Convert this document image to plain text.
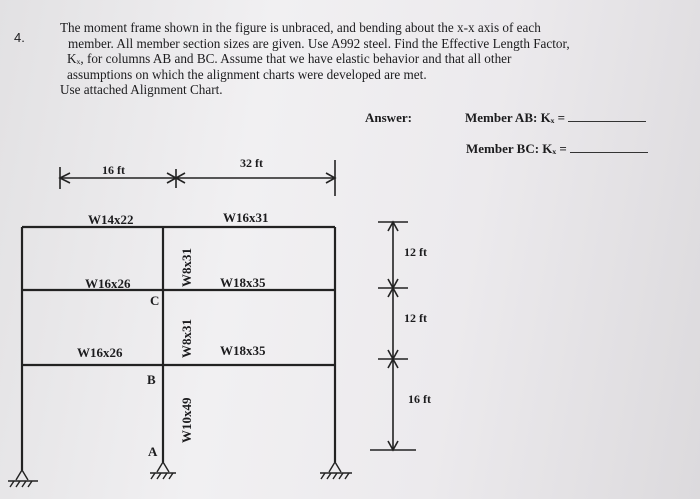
4.
The moment frame shown in the figure is unbraced, and bending about the x-x axis of each
member. All member section sizes are given. Use A992 steel. Find the Effective Length Factor,
Kₓ, for columns AB and BC. Assume that we have elastic behavior and that all other
assumptions on which the alignment charts were developed are met.
Use attached Alignment Chart.
Answer:	Member AB: Kₓ =
Member BC: Kₓ =
16 ft	32 ft
W14x22	W16x31
W16x26	W18x35
W16x26	W18x35
W8x31
W8x31
W10x49
C
B
A
12 ft
12 ft
16 ft
